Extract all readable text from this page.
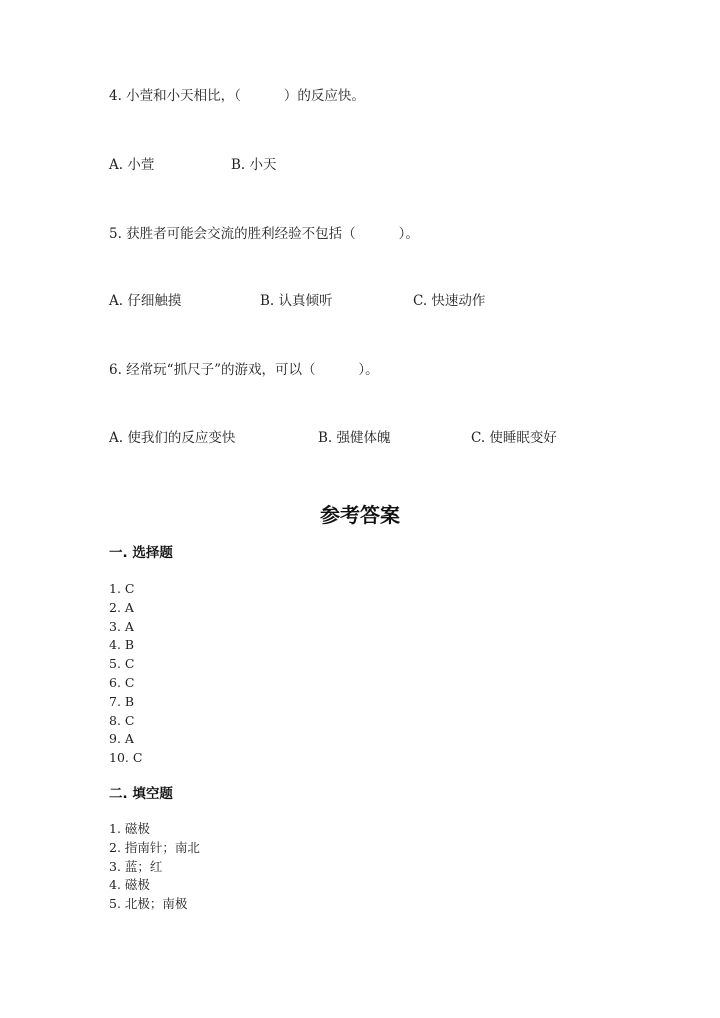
4. 小萱和小天相比，（          ）的反应快。
A. 小萱	B. 小天
5. 获胜者可能会交流的胜利经验不包括（          ）。
A. 仔细触摸	B. 认真倾听	C. 快速动作
6. 经常玩“抓尺子”的游戏，可以（          ）。
A. 使我们的反应变快	B. 强健体魄	C. 使睡眠变好
参考答案
一. 选择题
1. C
2. A
3. A
4. B
5. C
6. C
7. B
8. C
9. A
10. C
二. 填空题
1. 磁极
2. 指南针；南北
3. 蓝；红
4. 磁极
5. 北极；南极
